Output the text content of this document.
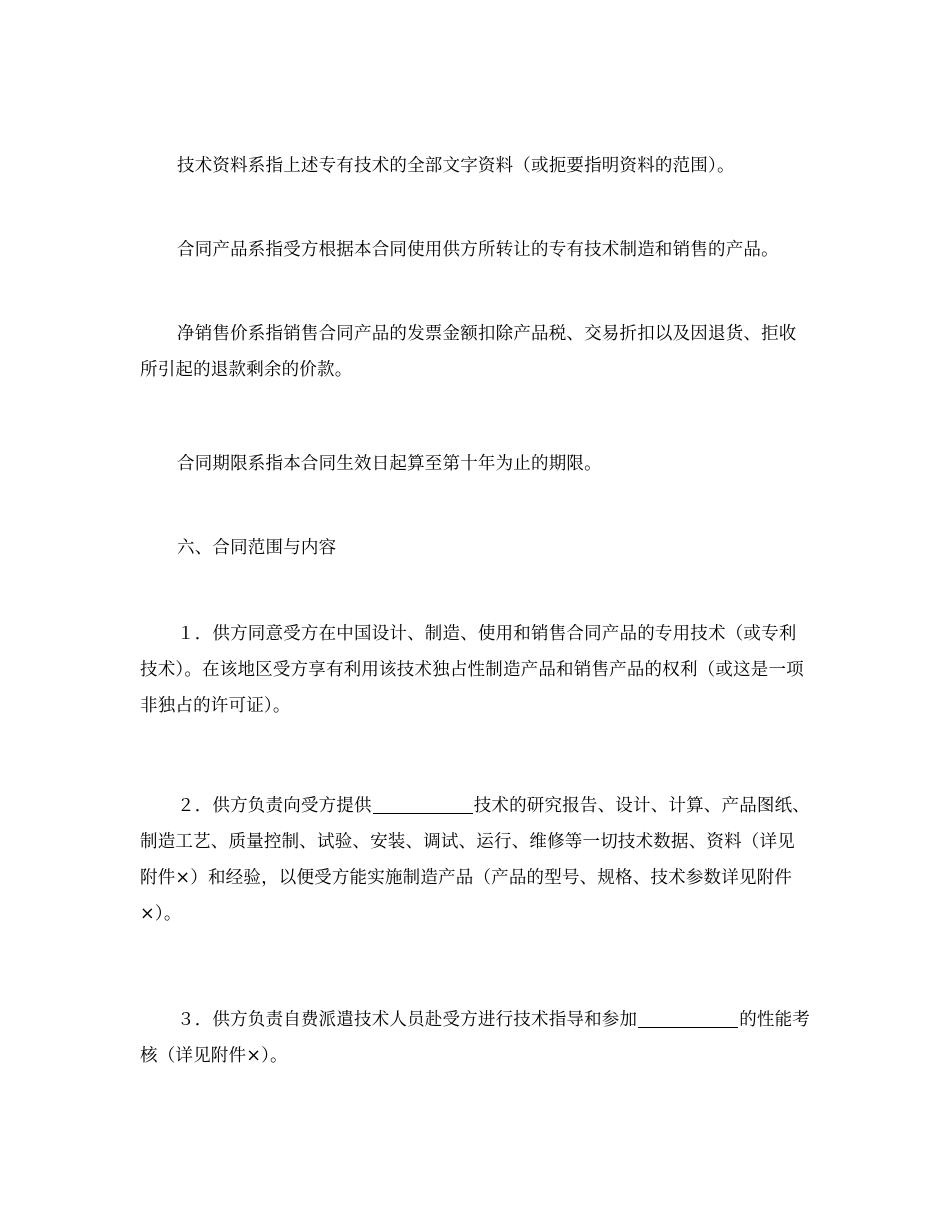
技术资料系指上述专有技术的全部文字资料（或扼要指明资料的范围）。

合同产品系指受方根据本合同使用供方所转让的专有技术制造和销售的产品。

净销售价系指销售合同产品的发票金额扣除产品税、交易折扣以及因退货、拒收所引起的退款剩余的价款。

合同期限系指本合同生效日起算至第十年为止的期限。

六、合同范围与内容

１．供方同意受方在中国设计、制造、使用和销售合同产品的专用技术（或专利技术）。在该地区受方享有利用该技术独占性制造产品和销售产品的权利（或这是一项非独占的许可证）。

２．供方负责向受方提供	技术的研究报告、设计、计算、产品图纸、制造工艺、质量控制、试验、安装、调试、运行、维修等一切技术数据、资料（详见附件×）和经验，以便受方能实施制造产品（产品的型号、规格、技术参数详见附件×）。

３．供方负责自费派遣技术人员赴受方进行技术指导和参加	的性能考核（详见附件×）。
